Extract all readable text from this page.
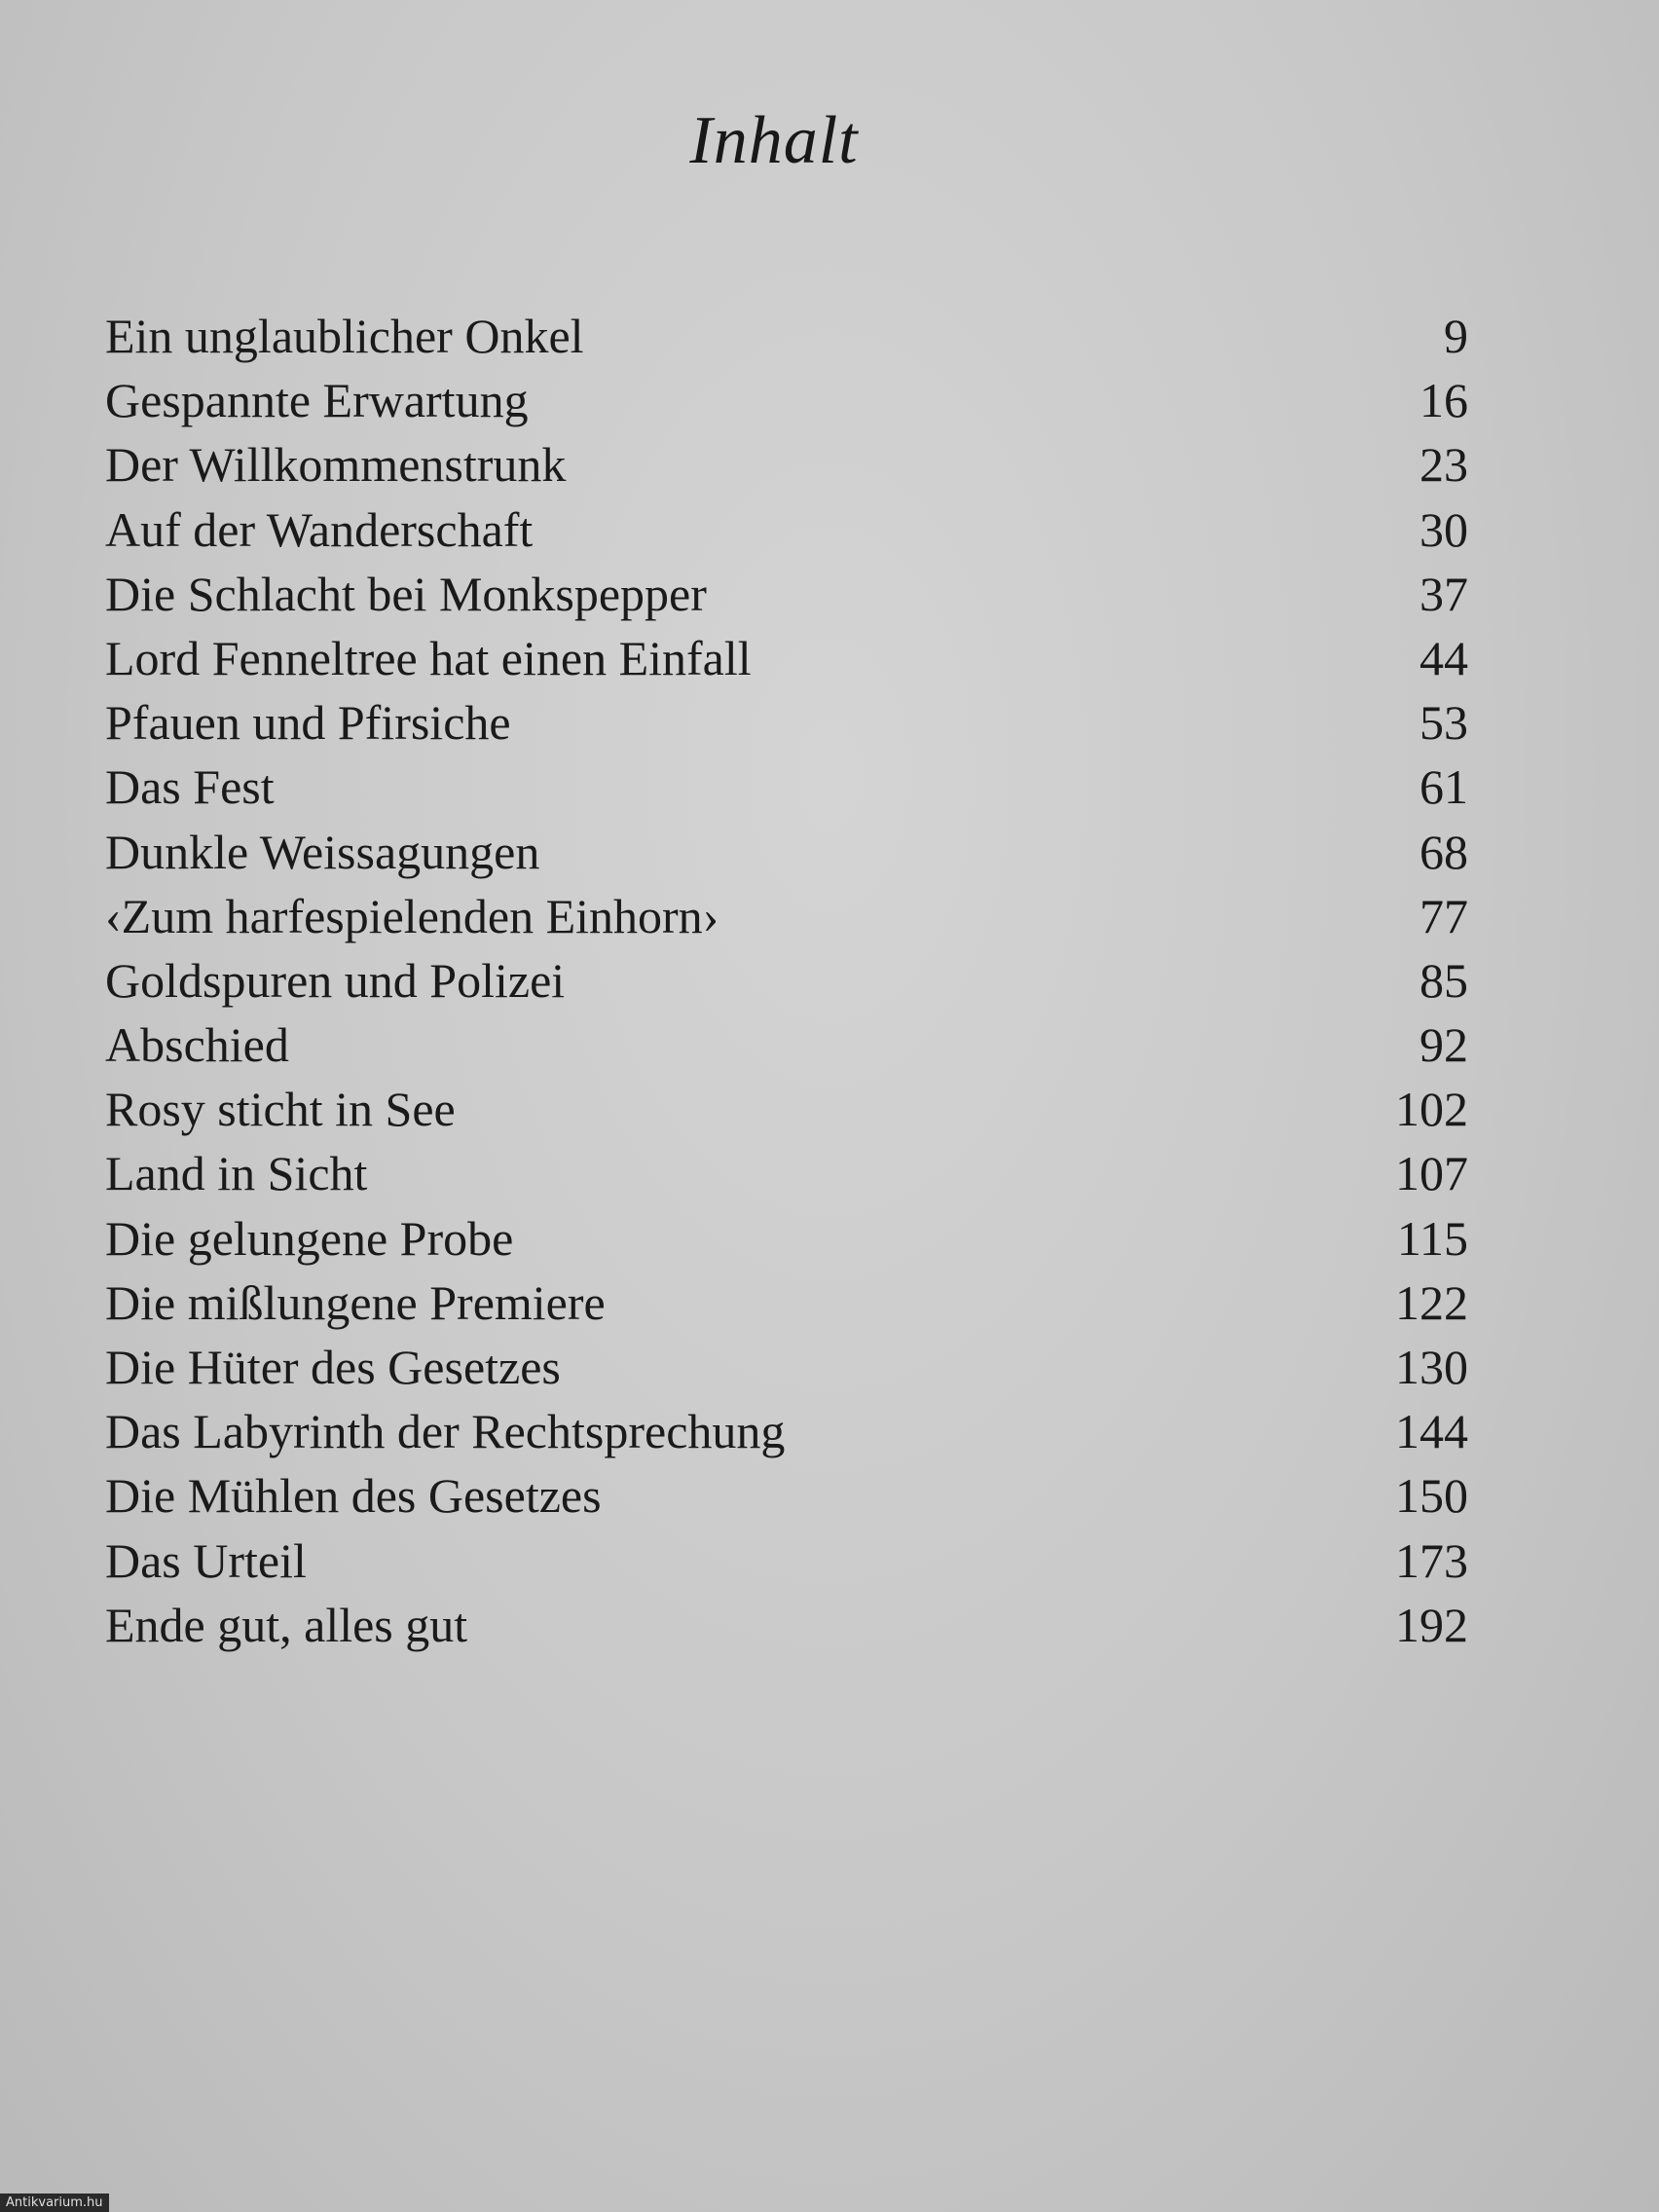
Inhalt
Ein unglaublicher Onkel	9
Gespannte Erwartung	16
Der Willkommenstrunk	23
Auf der Wanderschaft	30
Die Schlacht bei Monkspepper	37
Lord Fenneltree hat einen Einfall	44
Pfauen und Pfirsiche	53
Das Fest	61
Dunkle Weissagungen	68
‹Zum harfespielenden Einhorn›	77
Goldspuren und Polizei	85
Abschied	92
Rosy sticht in See	102
Land in Sicht	107
Die gelungene Probe	115
Die mißlungene Premiere	122
Die Hüter des Gesetzes	130
Das Labyrinth der Rechtsprechung	144
Die Mühlen des Gesetzes	150
Das Urteil	173
Ende gut, alles gut	192
Antikvarium.hu
